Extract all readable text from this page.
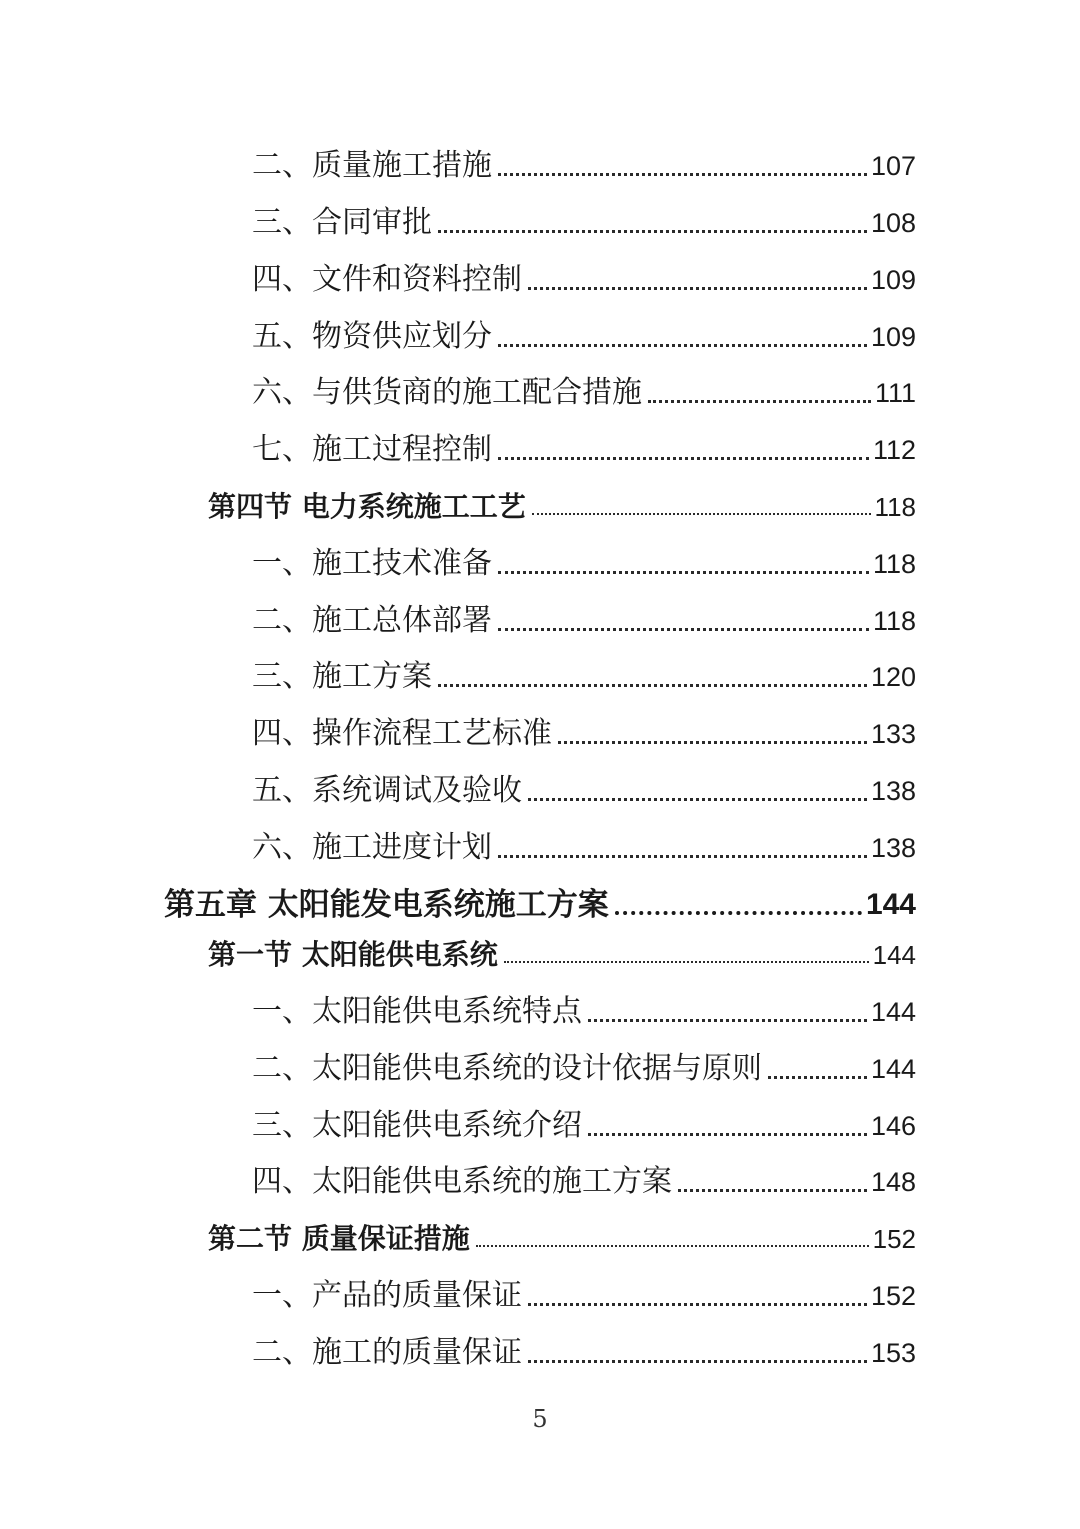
二、质量施工措施	107
三、合同审批	108
四、文件和资料控制	109
五、物资供应划分	109
六、与供货商的施工配合措施	111
七、施工过程控制	112
第四节 电力系统施工工艺	118
一、施工技术准备	118
二、施工总体部署	118
三、施工方案	120
四、操作流程工艺标准	133
五、系统调试及验收	138
六、施工进度计划	138
第五章 太阳能发电系统施工方案	144
第一节 太阳能供电系统	144
一、太阳能供电系统特点	144
二、太阳能供电系统的设计依据与原则	144
三、太阳能供电系统介绍	146
四、太阳能供电系统的施工方案	148
第二节 质量保证措施	152
一、产品的质量保证	152
二、施工的质量保证	153
5
